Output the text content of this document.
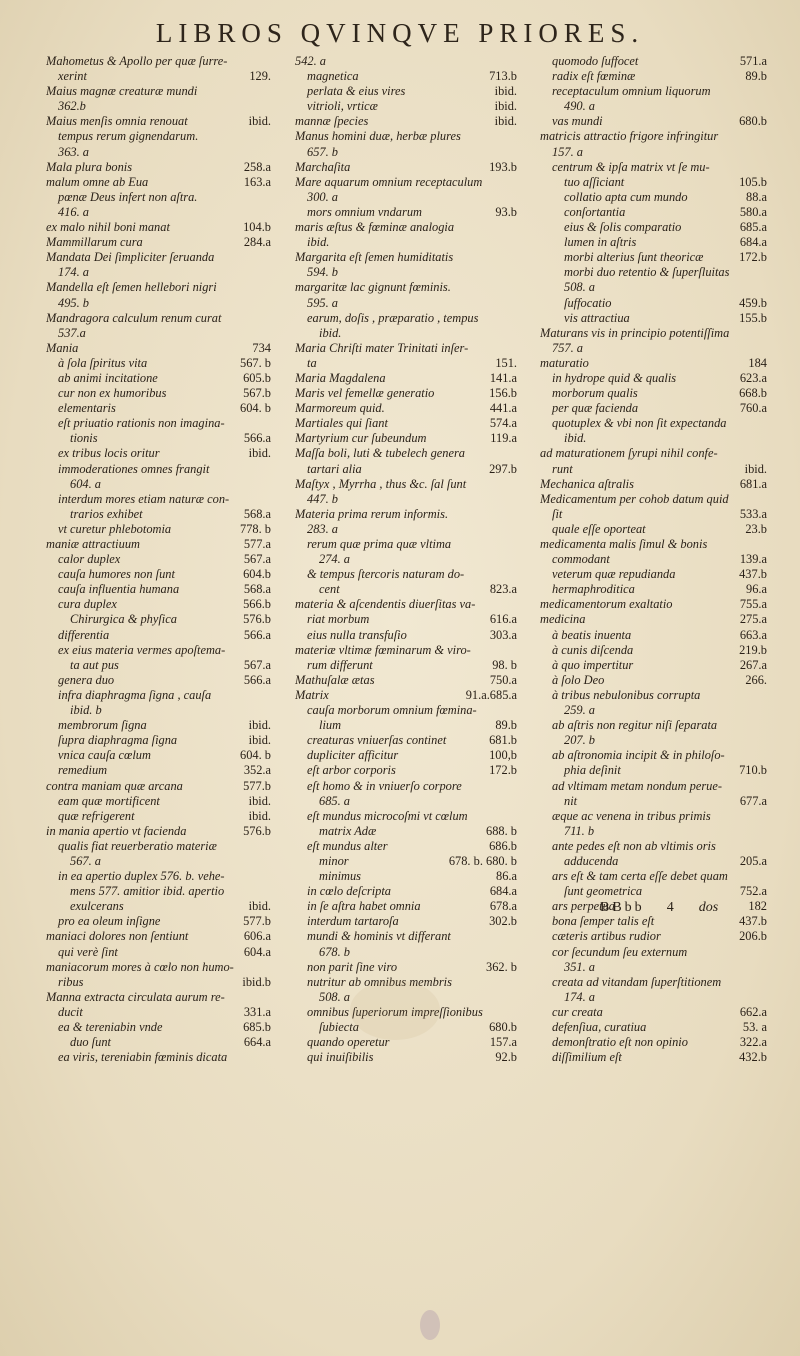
LIBROS QVINQVE PRIORES.
Mahometus & Apollo per quæ ſurre-
xerint	129.
Maius magnæ creaturæ mundi
362.b
Maius menſis omnia renouat	ibid.
tempus rerum gignendarum.
363. a
Mala plura bonis	258.a
malum omne ab Eua	163.a
pœnæ Deus infert non aſtra.
416. a
ex malo nihil boni manat	104.b
Mammillarum cura	284.a
Mandata Dei ſimpliciter ſeruanda
174. a
Mandella eſt ſemen hellebori nigri
495. b
Mandragora calculum renum curat
537.a
Mania	734
à ſola ſpiritus vita	567. b
ab animi incitatione	605.b
cur non ex humoribus	567.b
elementaris	604. b
eſt priuatio rationis non imagina-
tionis	566.a
ex tribus locis oritur	ibid.
immoderationes omnes frangit
604. a
interdum mores etiam naturæ con-
trarios exhibet	568.a
vt curetur phlebotomia	778. b
maniæ attractiuum	577.a
calor duplex	567.a
cauſa humores non ſunt	604.b
cauſa influentia humana	568.a
cura duplex	566.b
Chirurgica & phyſica	576.b
differentia	566.a
ex eius materia vermes apoſtema-
ta aut pus	567.a
genera duo	566.a
infra diaphragma ſigna , cauſa
ibid. b
membrorum ſigna	ibid.
ſupra diaphragma ſigna	ibid.
vnica cauſa cœlum	604. b
remedium	352.a
contra maniam quæ arcana	577.b
eam quæ mortificent	ibid.
quæ refrigerent	ibid.
in mania apertio vt facienda	576.b
qualis fiat reuerberatio materiæ
567. a
in ea apertio duplex 576. b. vehe-
mens 577. amitior ibid. apertio
exulcerans	ibid.
pro ea oleum inſigne	577.b
maniaci dolores non ſentiunt	606.a
qui verè ſint	604.a
maniacorum mores à cœlo non humo-
ribus	ibid.b
Manna extracta circulata aurum re-
ducit	331.a
ea & tereniabin vnde	685.b
duo ſunt	664.a
ea viris, tereniabin fœminis dicata
542. a
magnetica	713.b
perlata & eius vires	ibid.
vitrioli, vrticæ	ibid.
mannæ ſpecies	ibid.
Manus homini duæ, herbæ plures
657. b
Marchaſita	193.b
Mare aquarum omnium receptaculum
300. a
mors omnium vndarum	93.b
maris æſtus & fœminæ analogia
ibid.
Margarita eſt ſemen humiditatis
594. b
margaritæ lac gignunt fœminis.
595. a
earum, doſis , præparatio , tempus
ibid.
Maria Chriſti mater Trinitati inſer-
ta	151.
Maria Magdalena	141.a
Maris vel femellæ generatio	156.b
Marmoreum quid.	441.a
Martiales qui ſiant	574.a
Martyrium cur ſubeundum	119.a
Maſſa boli, luti & tubelech genera
tartari alia	297.b
Maſtyx , Myrrha , thus &c. ſal ſunt
447. b
Materia prima rerum informis.
283. a
rerum quæ prima quæ vltima
274. a
& tempus ſtercoris naturam do-
cent	823.a
materia & aſcendentis diuerſitas va-
riat morbum	616.a
eius nulla transfuſio	303.a
materiæ vltimæ fœminarum & viro-
rum differunt	98. b
Mathuſalæ ætas	750.a
Matrix	91.a.685.a
cauſa morborum omnium fœmina-
lium	89.b
creaturas vniuerſas continet	681.b
dupliciter afficitur	100,b
eſt arbor corporis	172.b
eſt homo & in vniuerſo corpore
685. a
eſt mundus microcoſmi vt cœlum
matrix Adæ	688. b
eſt mundus alter	686.b
minor	678. b. 680. b
minimus	86.a
in cœlo deſcripta	684.a
in ſe aſtra habet omnia	678.a
interdum tartaroſa	302.b
mundi & hominis vt differant
678. b
non parit ſine viro	362. b
nutritur ab omnibus membris
508. a
omnibus ſuperiorum impreſſionibus
ſubiecta	680.b
quando operetur	157.a
qui inuiſibilis	92.b
quomodo ſuffocet	571.a
radix eſt fœminæ	89.b
receptaculum omnium liquorum
490. a
vas mundi	680.b
matricis attractio frigore infringitur
157. a
centrum & ipſa matrix vt ſe mu-
tuo aſſiciant	105.b
collatio apta cum mundo	88.a
conſortantia	580.a
eius & ſolis comparatio	685.a
lumen in aſtris	684.a
morbi alterius ſunt theoricæ	172.b
morbi duo retentio & ſuperſluitas
508. a
ſuffocatio	459.b
vis attractiua	155.b
Maturans vis in principio potentiſſima
757. a
maturatio	184
in hydrope quid & qualis	623.a
morborum qualis	668.b
per quæ facienda	760.a
quotuplex & vbi non ſit expectanda
ibid.
ad maturationem ſyrupi nihil confe-
runt	ibid.
Mechanica aſtralis	681.a
Medicamentum per cohob datum quid
ſit	533.a
quale eſſe oporteat	23.b
medicamenta malis ſimul & bonis
commodant	139.a
veterum quæ repudianda	437.b
hermaphroditica	96.a
medicamentorum exaltatio	755.a
medicina	275.a
à beatis inuenta	663.a
à cunis diſcenda	219.b
à quo impertitur	267.a
à ſolo Deo	266.
à tribus nebulonibus corrupta
259. a
ab aſtris non regitur niſi ſeparata
207. b
ab aſtronomia incipit & in philoſo-
phia deſinit	710.b
ad vltimam metam nondum perue-
nit	677.a
æque ac venena in tribus primis
711. b
ante pedes eſt non ab vltimis oris
adducenda	205.a
ars eſt & tam certa eſſe debet quam
ſunt geometrica	752.a
ars perpetua	182
bona ſemper talis eſt	437.b
cæteris artibus rudior	206.b
cor ſecundum ſeu externum
351. a
creata ad vitandam ſuperſtitionem
174. a
cur creata	662.a
defenſiua, curatiua	53. a
demonſtratio eſt non opinio	322.a
diſſimilium eſt	432.b
BBbb 4 dos
